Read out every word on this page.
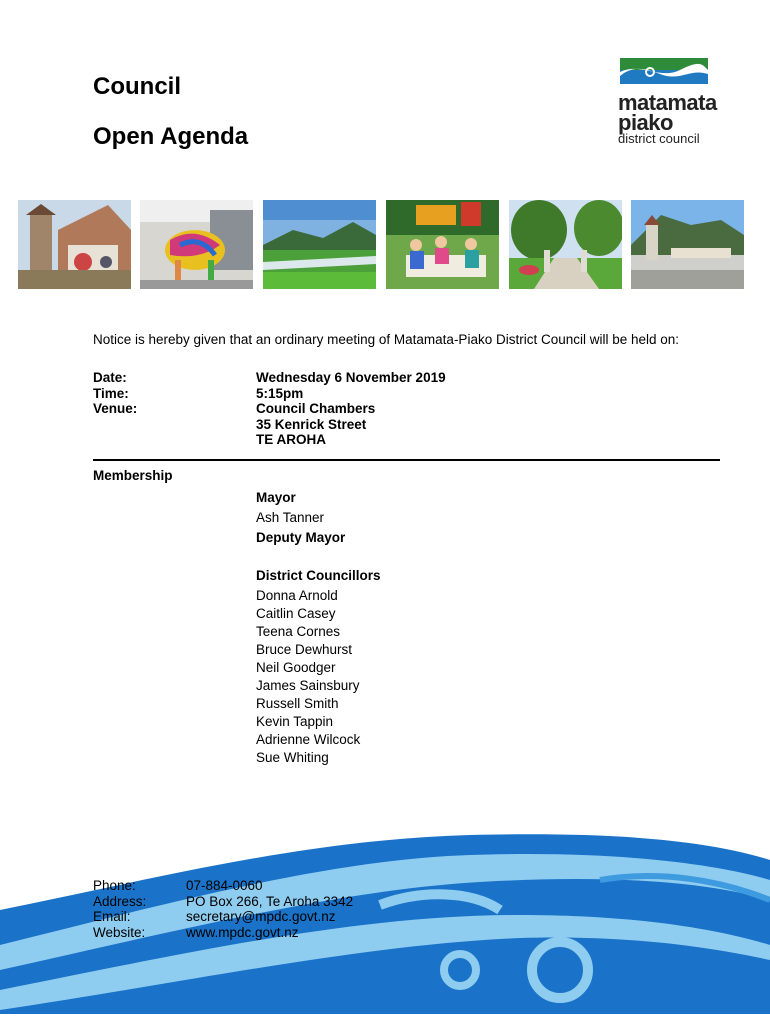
Council
Open Agenda
matamata
piako
district council
Notice is hereby given that an ordinary meeting of Matamata-Piako District Council will be held on:
Date:
Time:
Venue:
Wednesday 6 November 2019
5:15pm
Council Chambers
35 Kenrick Street
TE AROHA
Membership
Mayor
Ash Tanner
Deputy Mayor
District Councillors
Donna Arnold
Caitlin Casey
Teena Cornes
Bruce Dewhurst
Neil Goodger
James Sainsbury
Russell Smith
Kevin Tappin
Adrienne Wilcock
Sue Whiting
Phone:
Address:
Email:
Website:
07-884-0060
PO Box 266, Te Aroha 3342
secretary@mpdc.govt.nz
www.mpdc.govt.nz
